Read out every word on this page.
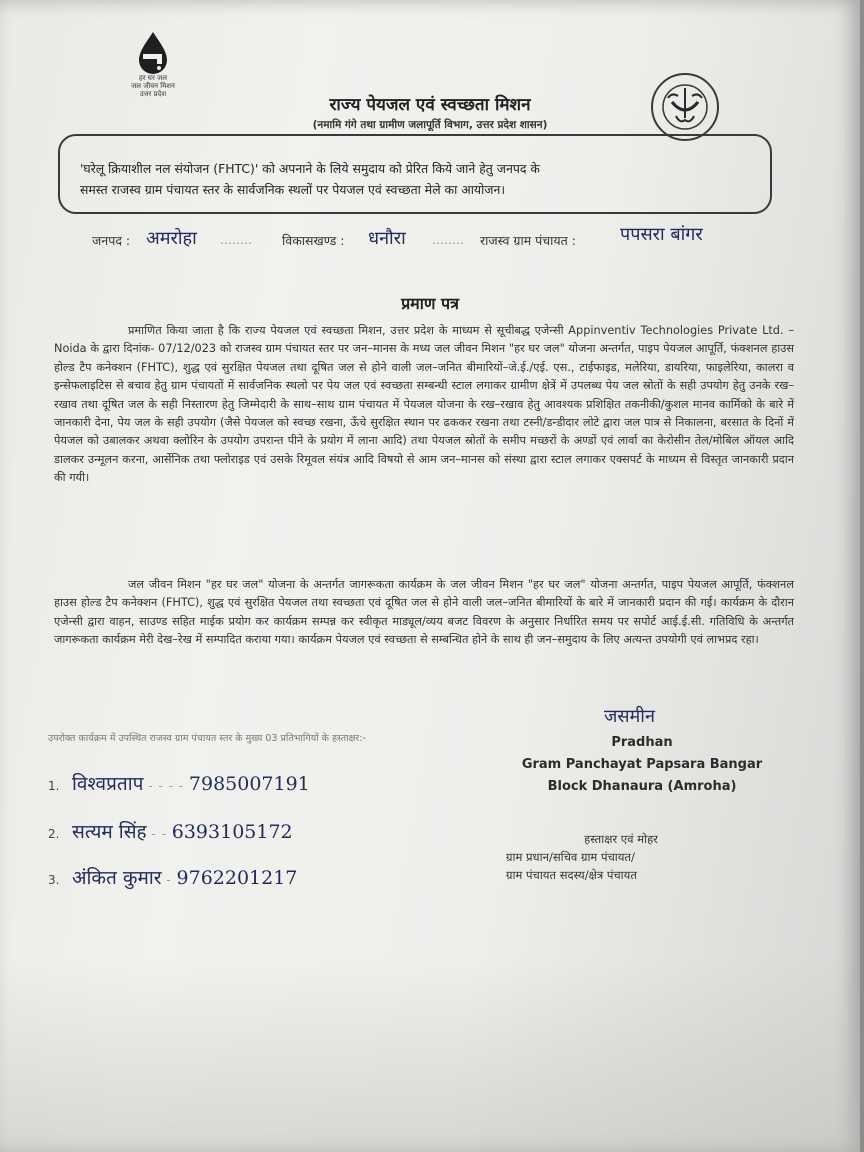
हर घर जल
जल जीवन मिशन
उत्तर प्रदेश
राज्य पेयजल एवं स्वच्छता मिशन
(नमामि गंगे तथा ग्रामीण जलापूर्ति विभाग, उत्तर प्रदेश शासन)
'घरेलू क्रियाशील नल संयोजन (FHTC)' को अपनाने के लिये समुदाय को प्रेरित किये जाने हेतु जनपद के
समस्त राजस्व ग्राम पंचायत स्तर के सार्वजनिक स्थलों पर पेयजल एवं स्वच्छता मेले का आयोजन।
जनपद : अमरोहा ........ विकासखण्ड : धनौरा ........ राजस्व ग्राम पंचायत : पपसरा बांगर
प्रमाण पत्र
प्रमाणित किया जाता है कि राज्य पेयजल एवं स्वच्छता मिशन, उत्तर प्रदेश के माध्यम से सूचीबद्ध एजेन्सी Appinventiv Technologies Private Ltd. – Noida के द्वारा दिनांक- 07/12/023 को राजस्व ग्राम पंचायत स्तर पर जन–मानस के मध्य जल जीवन मिशन "हर घर जल" योजना अन्तर्गत, पाइप पेयजल आपूर्ति, फंक्शनल हाउस होल्ड टैप कनेक्शन (FHTC), शुद्ध एवं सुरक्षित पेयजल तथा दूषित जल से होने वाली जल–जनित बीमारियों–जे.ई./एई. एस., टाईफाइड, मलेरिया, डायरिया, फाइलेरिया, कालरा व इन्सेफलाइटिस से बचाव हेतु ग्राम पंचायतों में सार्वजनिक स्थलो पर पेय जल एवं स्वच्छता सम्बन्धी स्टाल लगाकर ग्रामीण क्षेत्रें में उपलब्ध पेय जल स्रोतों के सही उपयोग हेतु उनके रख–रखाव तथा दूषित जल के सही निस्तारण हेतु जिम्मेदारी के साथ–साथ ग्राम पंचायत में पेयजल योजना के रख–रखाव हेतु आवश्यक प्रशिक्षित तकनीकी/कुशल मानव कार्मिको के बारे में जानकारी देना, पेय जल के सही उपयोग (जैसे पेयजल को स्वच्छ रखना, ऊँचे सुरक्षित स्थान पर ढककर रखना तथा टस्नी/डन्डीदार लोटे द्वारा जल पात्र से निकालना, बरसात के दिनों में पेयजल को उबालकर अथवा क्लोरिन के उपयोग उपरान्त पीने के प्रयोग में लाना आदि) तथा पेयजल स्रोतों के समीप मच्छरों के अण्डों एवं लार्वा का केरोसीन तेल/मोबिल ऑयल आदि डालकर उन्मूलन करना, आर्सेनिक तथा फ्लोराइड एवं उसके रिमूवल संयंत्र आदि विषयो से आम जन–मानस को संस्था द्वारा स्टाल लगाकर एक्सपर्ट के माध्यम से विस्तृत जानकारी प्रदान की गयी।
जल जीवन मिशन "हर घर जल" योजना के अन्तर्गत जागरूकता कार्यक्रम के जल जीवन मिशन "हर घर जल" योजना अन्तर्गत, पाइप पेयजल आपूर्ति, फंक्शनल हाउस होल्ड टैप कनेक्शन (FHTC), शुद्ध एवं सुरक्षित पेयजल तथा स्वच्छता एवं दूषित जल से होने वाली जल–जनित बीमारियों के बारे में जानकारी प्रदान की गई। कार्यक्रम के दौरान एजेन्सी द्वारा वाहन, साउण्ड सहित माईक प्रयोग कर कार्यक्रम सम्पन्न कर स्वीकृत माड्यूल/व्यय बजट विवरण के अनुसार निर्धारित समय पर सपोर्ट आई.ई.सी. गतिविधि के अन्तर्गत जागरूकता कार्यक्रम मेरी देख–रेख में सम्पादित कराया गया। कार्यक्रम पेयजल एवं स्वच्छता से सम्बन्धित होने के साथ ही जन–समुदाय के लिए अत्यन्त उपयोगी एवं लाभप्रद रहा।
जसमीन
Pradhan
Gram Panchayat Papsara Bangar
Block Dhanaura (Amroha)
उपरोक्त कार्यक्रम में उपस्थित राजस्व ग्राम पंचायत स्तर के मुख्य 03 प्रतिभागियों के हस्ताक्षर:-
1. विश्वप्रताप - - - - 7985007191
2. सत्यम सिंह - - 6393105172
3. अंकित कुमार - 9762201217
हस्ताक्षर एवं मोहर
ग्राम प्रधान/सचिव ग्राम पंचायत/
ग्राम पंचायत सदस्य/क्षेत्र पंचायत
